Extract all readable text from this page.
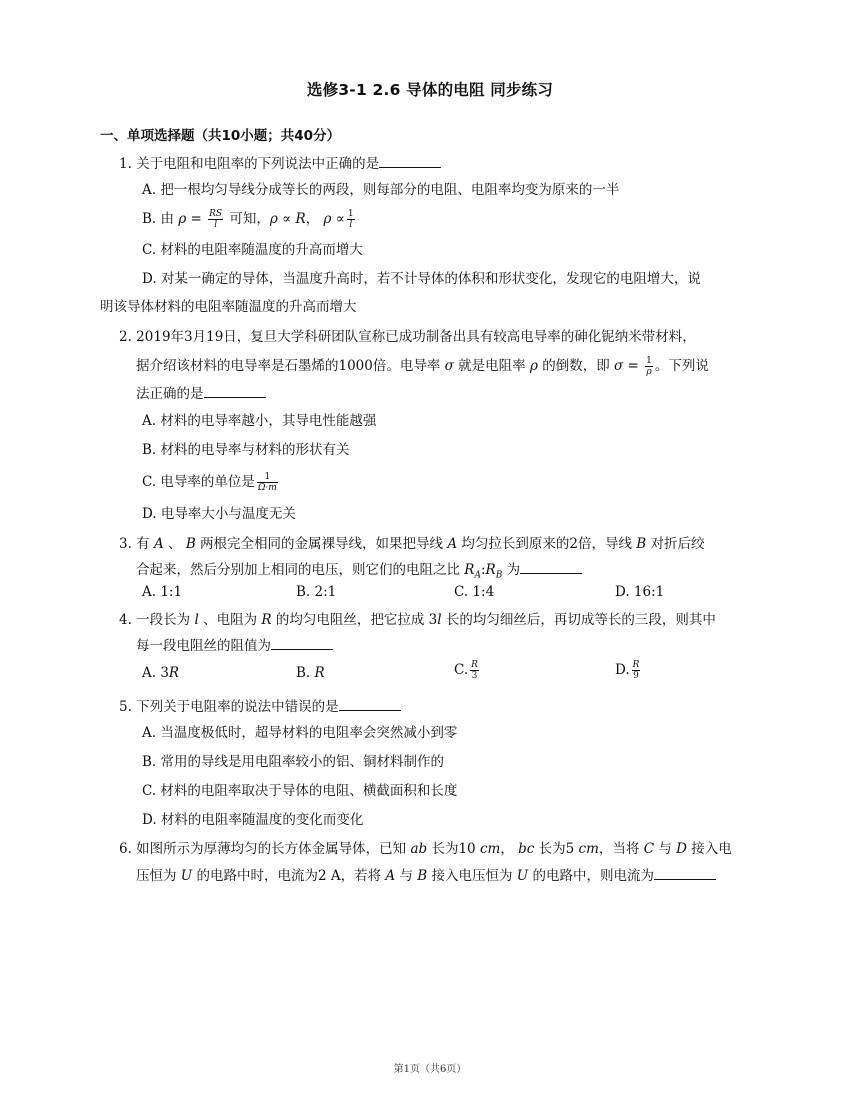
选修3-1 2.6 导体的电阻 同步练习
一、单项选择题（共10小题；共40分）
1. 关于电阻和电阻率的下列说法中正确的是
A. 把一根均匀导线分成等长的两段，则每部分的电阻、电阻率均变为原来的一半
B. 由 $\rho = \frac{RS}{l}$ 可知，ρ ∝ R， $\rho \propto \frac{1}{l}$
C. 材料的电阻率随温度的升高而增大
D. 对某一确定的导体，当温度升高时，若不计导体的体积和形状变化，发现它的电阻增大，说
明该导体材料的电阻率随温度的升高而增大
2. 2019年3月19日，复旦大学科研团队宣称已成功制备出具有较高电导率的砷化铌纳米带材料，
据介绍该材料的电导率是石墨烯的1000倍。电导率 σ 就是电阻率 ρ 的倒数，即 $\sigma = \frac{1}{\rho}$ 。下列说
法正确的是
A. 材料的电导率越小，其导电性能越强
B. 材料的电导率与材料的形状有关
C. 电导率的单位是 $\frac{1}{\Omega\cdot m}$
D. 电导率大小与温度无关
3. 有 A 、 B 两根完全相同的金属裸导线，如果把导线 A 均匀拉长到原来的2倍，导线 B 对折后绞
合起来，然后分别加上相同的电压，则它们的电阻之比 $R_A:R_B$ 为
A. 1:1	B. 2:1	C. 1:4	D. 16:1
4. 一段长为 l 、电阻为 R 的均匀电阻丝，把它拉成 3l 长的均匀细丝后，再切成等长的三段，则其中
每一段电阻丝的阻值为
A. 3R	B. R	C. $\frac{R}{3}$	D. $\frac{R}{9}$
5. 下列关于电阻率的说法中错误的是
A. 当温度极低时，超导材料的电阻率会突然减小到零
B. 常用的导线是用电阻率较小的铝、铜材料制作的
C. 材料的电阻率取决于导体的电阻、横截面积和长度
D. 材料的电阻率随温度的变化而变化
6. 如图所示为厚薄均匀的长方体金属导体，已知 ab 长为10 cm， bc 长为5 cm，当将 C 与 D 接入电
压恒为 U 的电路中时，电流为2 A，若将 A 与 B 接入电压恒为 U 的电路中，则电流为
第1页（共6页）
